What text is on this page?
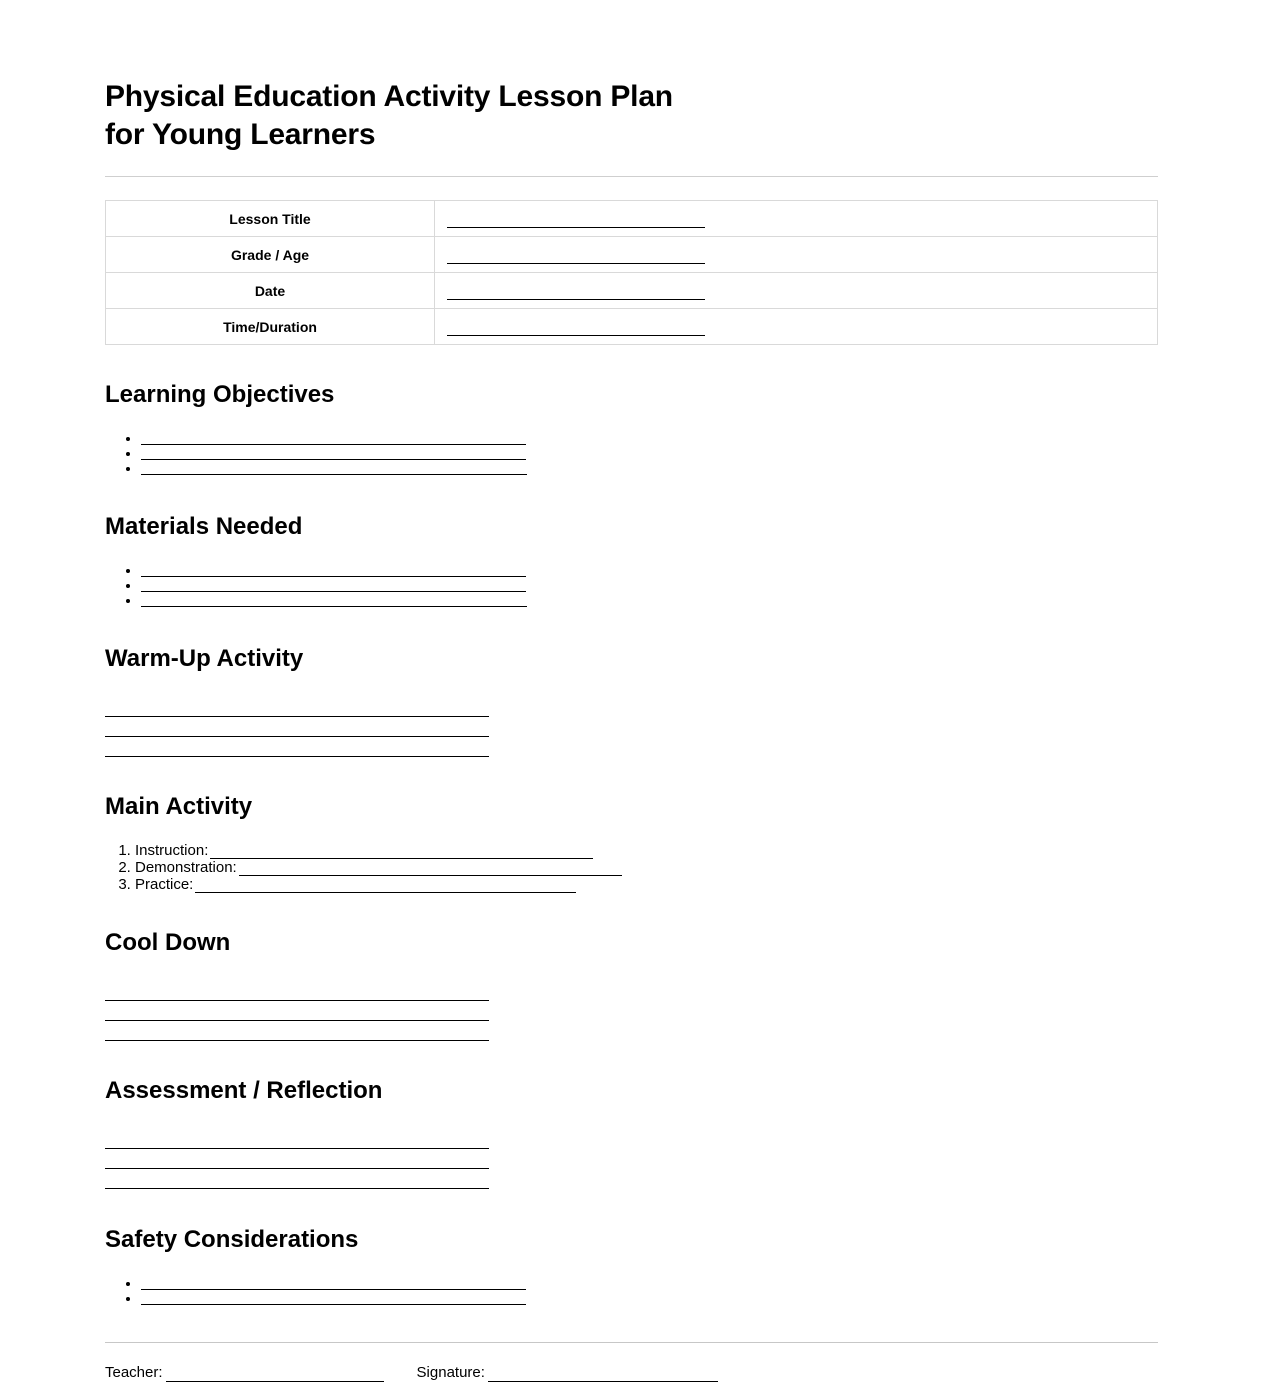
Physical Education Activity Lesson Plan
for Young Learners
Lesson Title	
Grade / Age	
Date	
Time/Duration	
Learning Objectives
•
•
•
Materials Needed
•
•
•
Warm-Up Activity
Main Activity
1. Instruction:
2. Demonstration:
3. Practice:
Cool Down
Assessment / Reflection
Safety Considerations
•
•
Teacher:	Signature:
